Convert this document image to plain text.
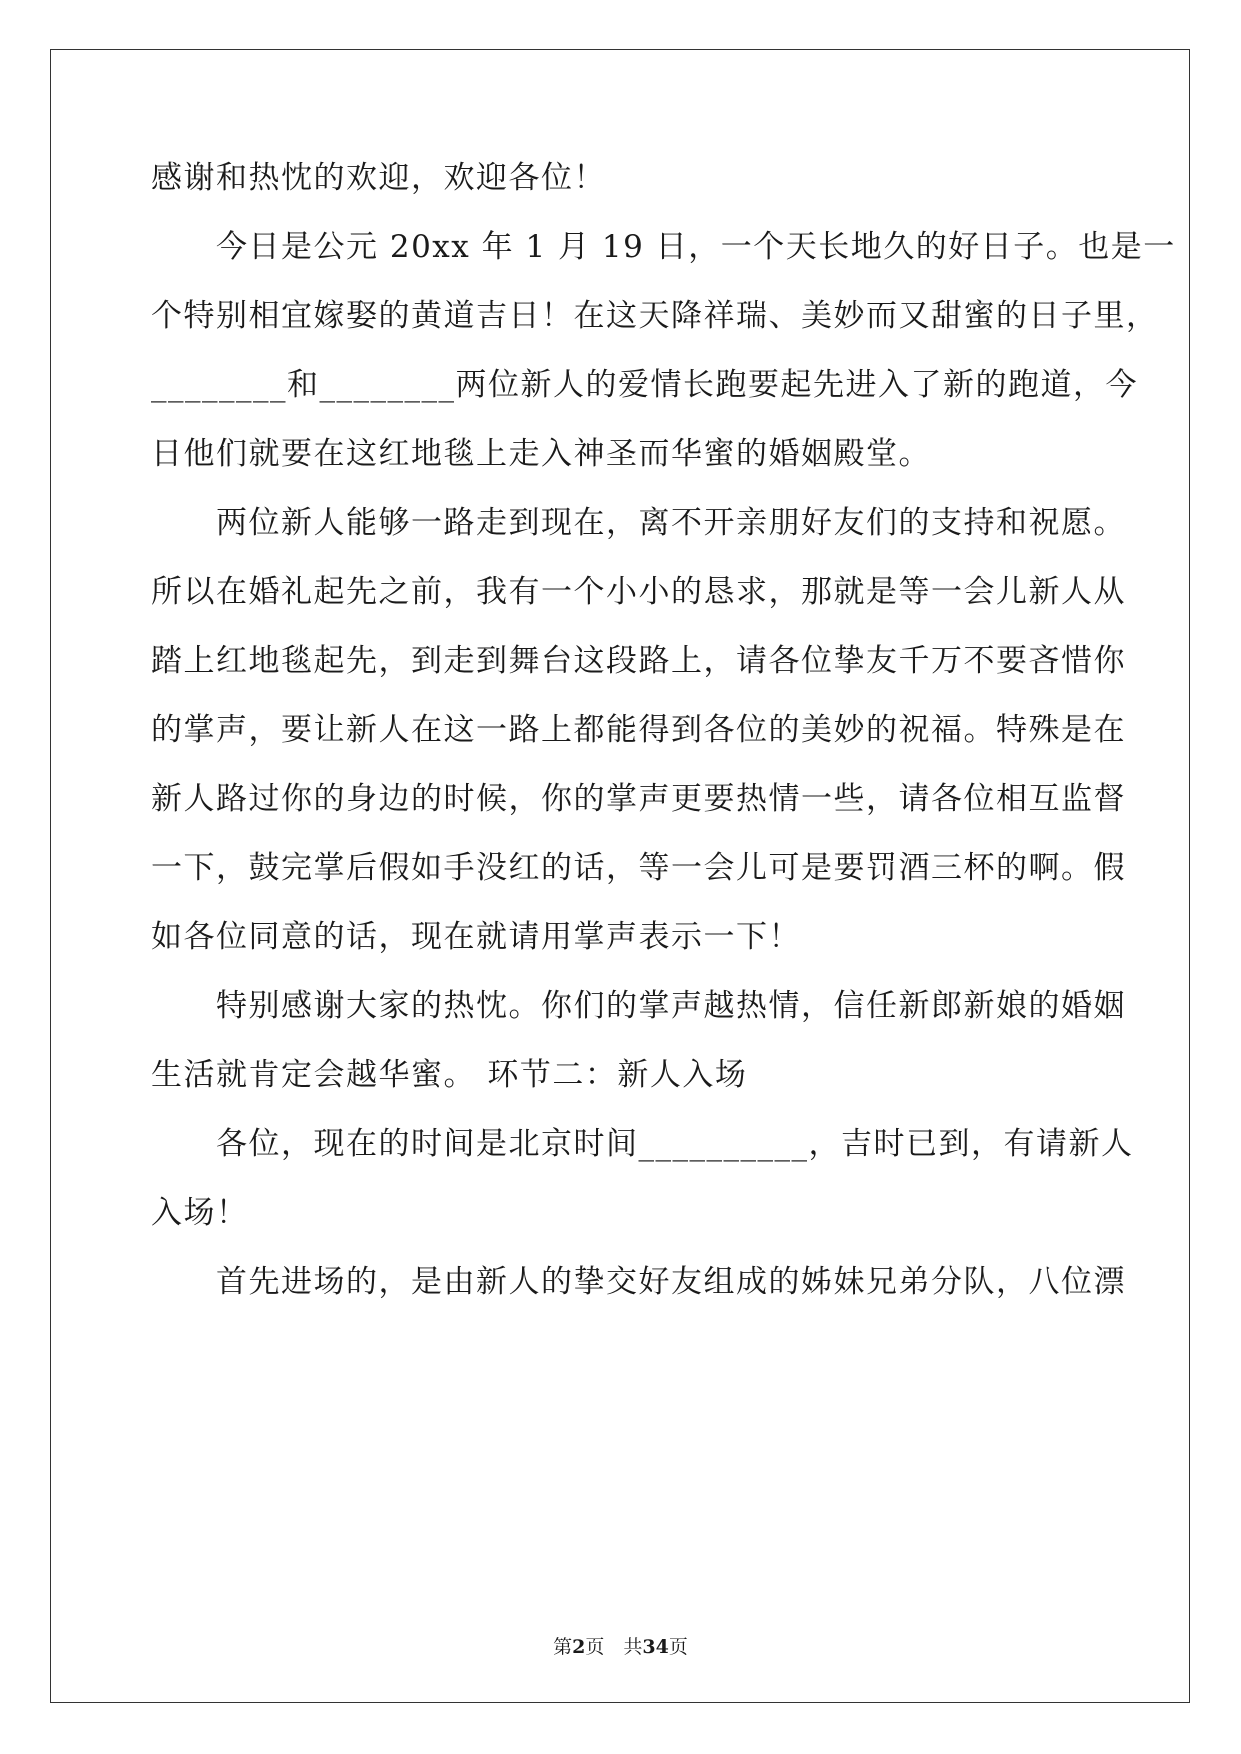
感谢和热忱的欢迎，欢迎各位！
　　今日是公元 20xx 年 1 月 19 日，一个天长地久的好日子。也是一
个特别相宜嫁娶的黄道吉日！在这天降祥瑞、美妙而又甜蜜的日子里，
________和________两位新人的爱情长跑要起先进入了新的跑道，今
日他们就要在这红地毯上走入神圣而华蜜的婚姻殿堂。
　　两位新人能够一路走到现在，离不开亲朋好友们的支持和祝愿。
所以在婚礼起先之前，我有一个小小的恳求，那就是等一会儿新人从
踏上红地毯起先，到走到舞台这段路上，请各位挚友千万不要吝惜你
的掌声，要让新人在这一路上都能得到各位的美妙的祝福。特殊是在
新人路过你的身边的时候，你的掌声更要热情一些，请各位相互监督
一下，鼓完掌后假如手没红的话，等一会儿可是要罚酒三杯的啊。假
如各位同意的话，现在就请用掌声表示一下！
　　特别感谢大家的热忱。你们的掌声越热情，信任新郎新娘的婚姻
生活就肯定会越华蜜。 环节二：新人入场
　　各位，现在的时间是北京时间__________，吉时已到，有请新人
入场！
　　首先进场的，是由新人的挚交好友组成的姊妹兄弟分队，八位漂
第2页　共34页
